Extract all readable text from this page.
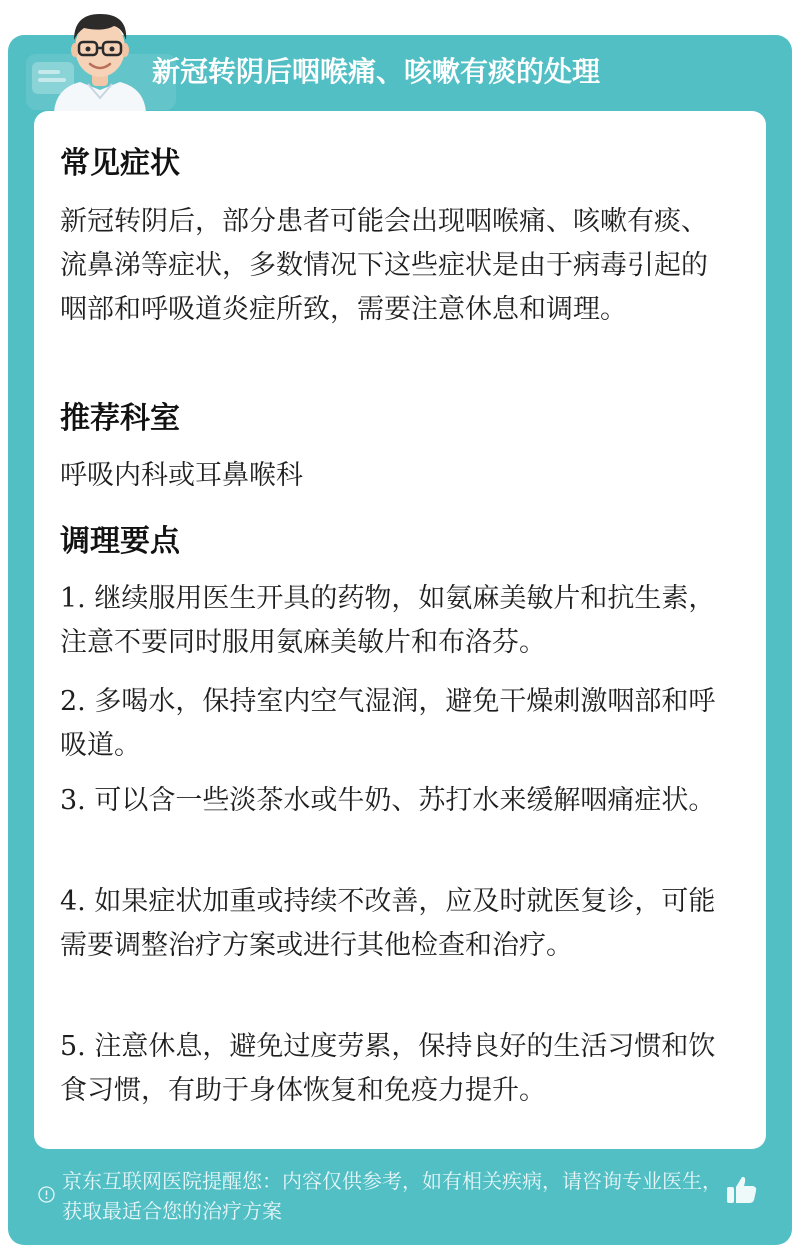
新冠转阴后咽喉痛、咳嗽有痰的处理
常见症状
新冠转阴后，部分患者可能会出现咽喉痛、咳嗽有痰、流鼻涕等症状，多数情况下这些症状是由于病毒引起的咽部和呼吸道炎症所致，需要注意休息和调理。
推荐科室
呼吸内科或耳鼻喉科
调理要点
1. 继续服用医生开具的药物，如氨麻美敏片和抗生素，注意不要同时服用氨麻美敏片和布洛芬。
2. 多喝水，保持室内空气湿润，避免干燥刺激咽部和呼吸道。
3. 可以含一些淡茶水或牛奶、苏打水来缓解咽痛症状。
4. 如果症状加重或持续不改善，应及时就医复诊，可能需要调整治疗方案或进行其他检查和治疗。
5. 注意休息，避免过度劳累，保持良好的生活习惯和饮食习惯，有助于身体恢复和免疫力提升。
京东互联网医院提醒您：内容仅供参考，如有相关疾病，请咨询专业医生，获取最适合您的治疗方案
